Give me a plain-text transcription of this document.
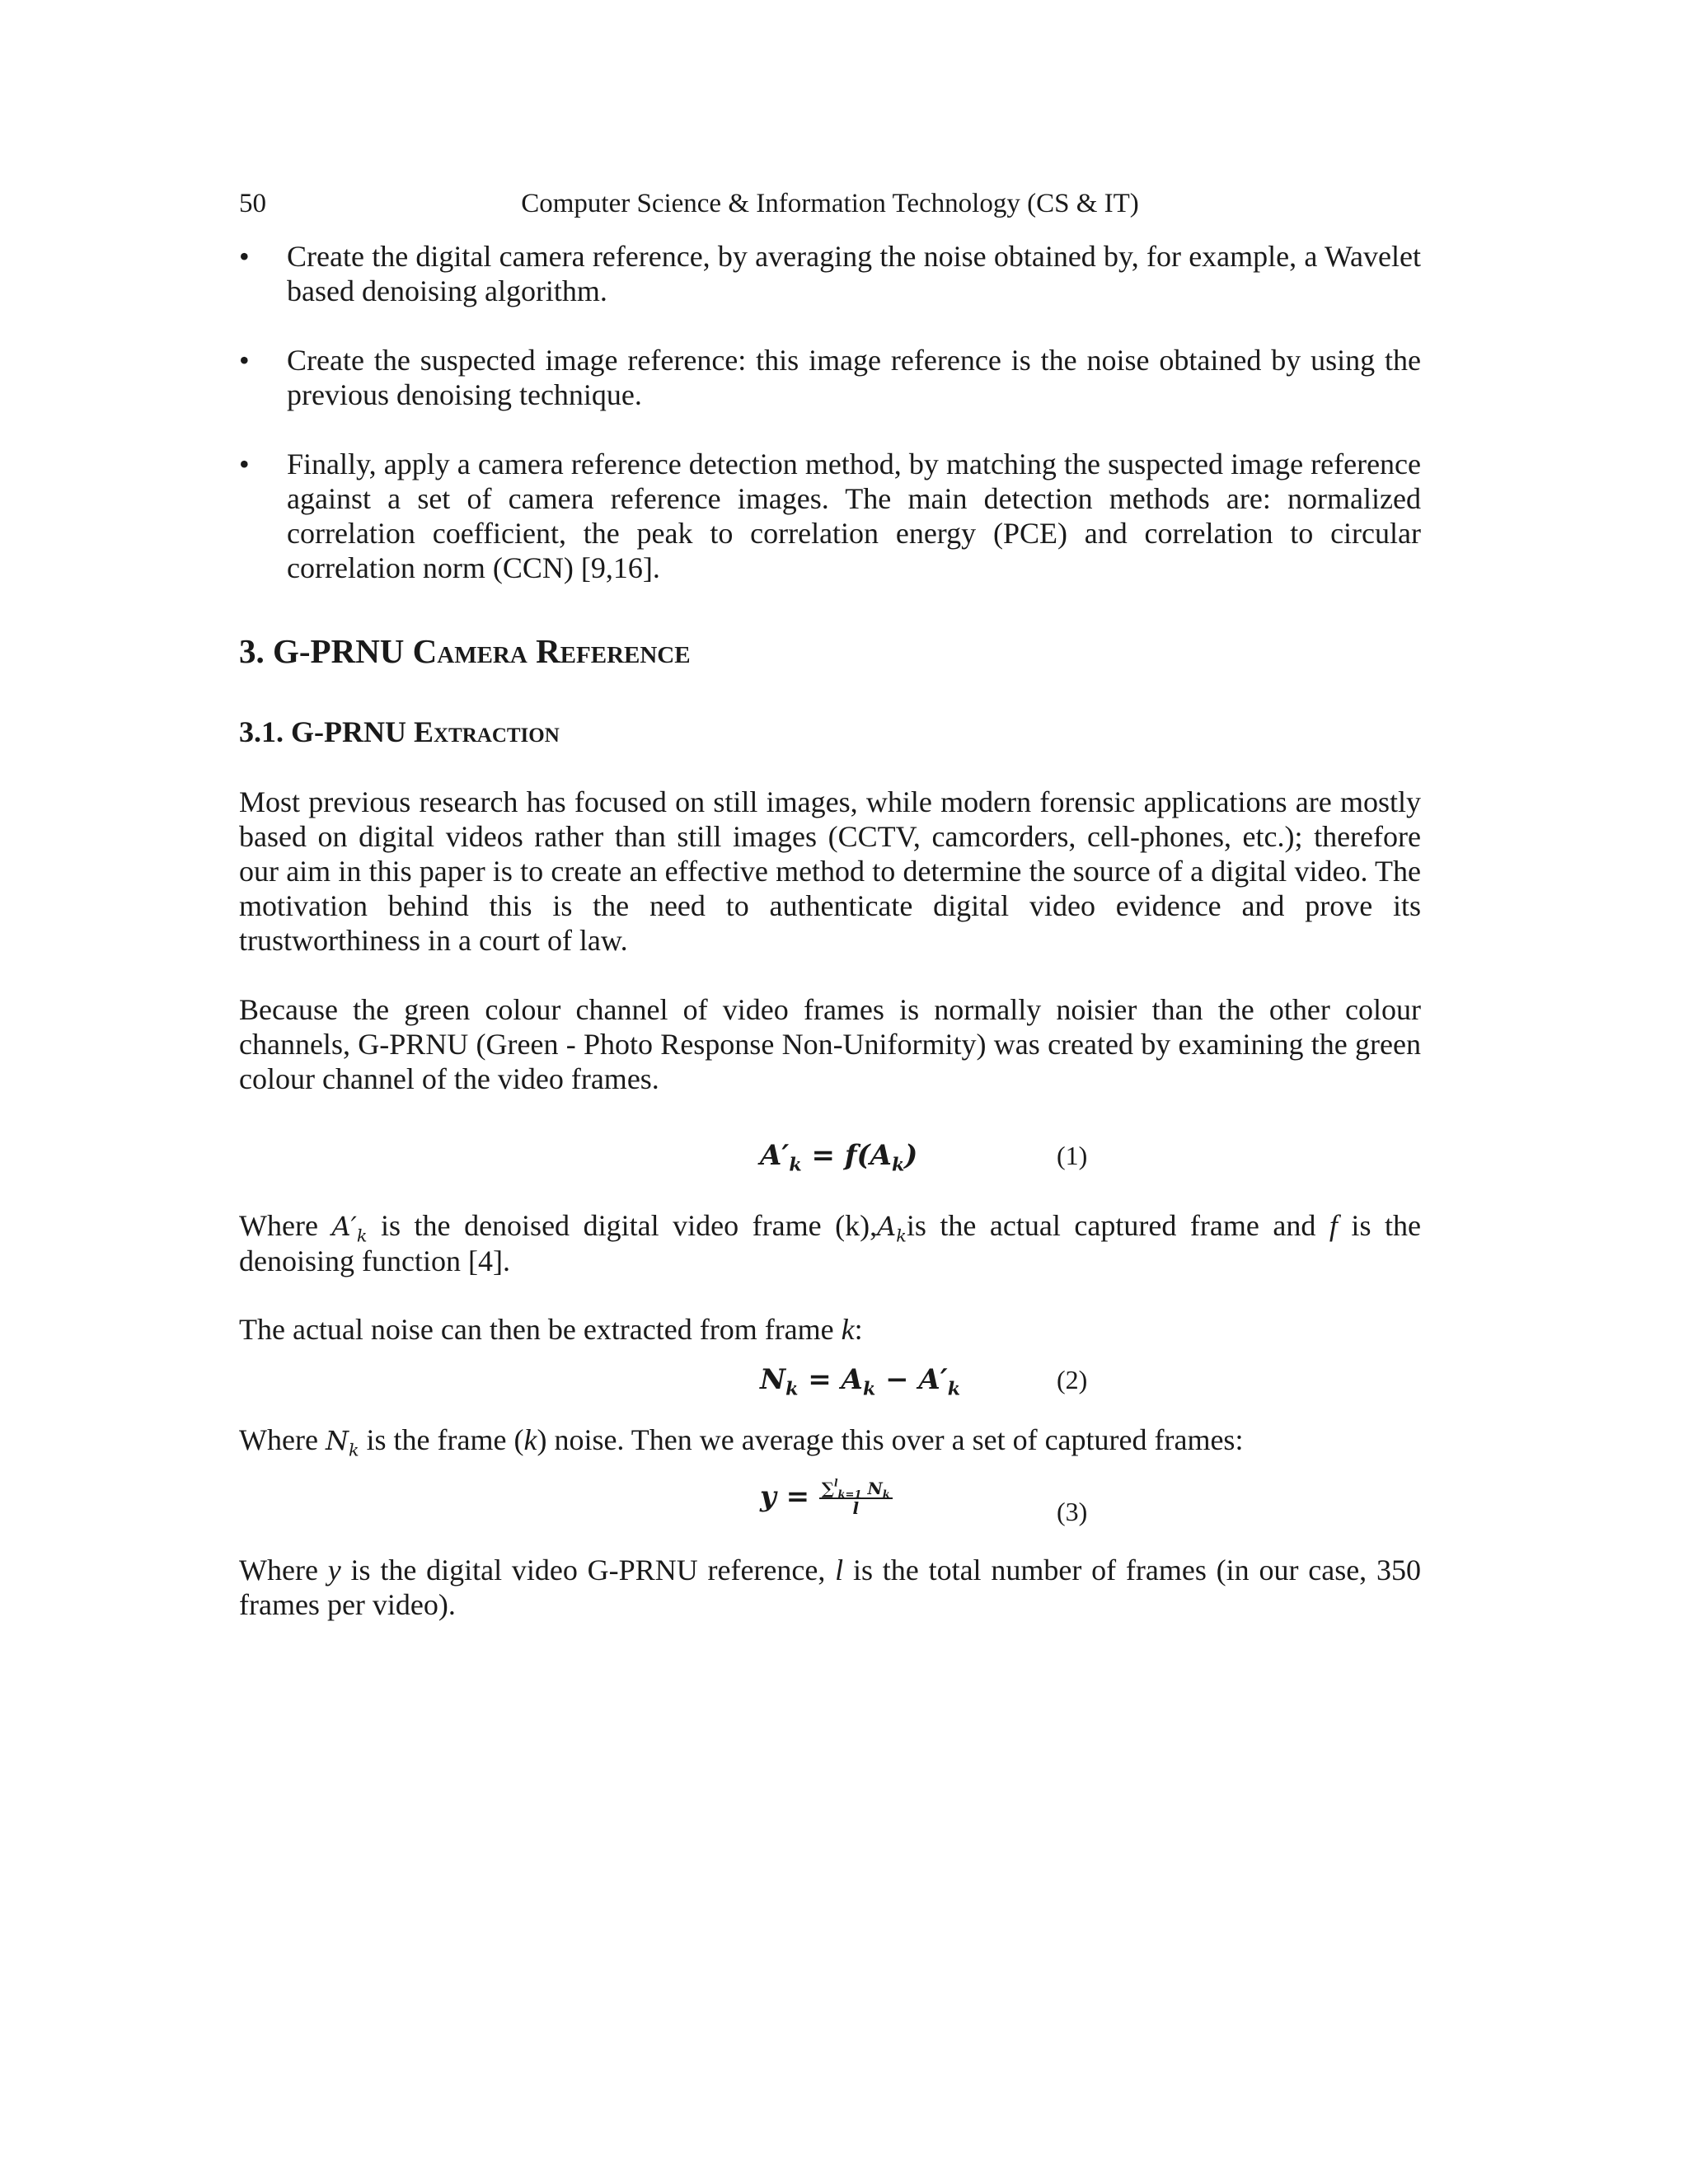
50	Computer Science & Information Technology (CS & IT)
• Create the digital camera reference, by averaging the noise obtained by, for example, a Wavelet based denoising algorithm.

• Create the suspected image reference: this image reference is the noise obtained by using the previous denoising technique.

• Finally, apply a camera reference detection method, by matching the suspected image reference against a set of camera reference images. The main detection methods are: normalized correlation coefficient, the peak to correlation energy (PCE) and correlation to circular correlation norm (CCN) [9,16].

3. G-PRNU Camera Reference
3.1. G-PRNU Extraction

Most previous research has focused on still images, while modern forensic applications are mostly based on digital videos rather than still images (CCTV, camcorders, cell-phones, etc.); therefore our aim in this paper is to create an effective method to determine the source of a digital video. The motivation behind this is the need to authenticate digital video evidence and prove its trustworthiness in a court of law.

Because the green colour channel of video frames is normally noisier than the other colour channels, G-PRNU (Green - Photo Response Non-Uniformity) was created by examining the green colour channel of the video frames.

$A'_k = f(A_k)$	(1)

Where $A'_k$ is the denoised digital video frame $(k),A_kis$ the actual captured frame and f is the denoising function [4].

The actual noise can then be extracted from frame k:

$N_k = A_k - A'_k$	(2)

Where $N_k$ is the frame (k) noise. Then we average this over a set of captured frames:

$y = \frac{\sum^l_{k=1} N_k}{l}$	(3)

Where y is the digital video G-PRNU reference, l is the total number of frames (in our case, 350 frames per video).
